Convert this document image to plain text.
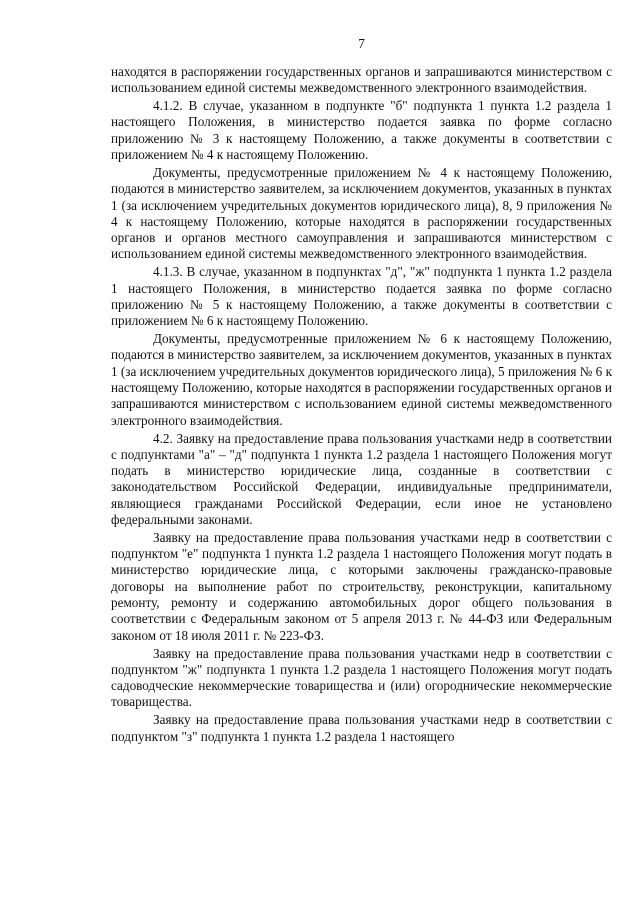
7

находятся в распоряжении государственных органов и запрашиваются министерством с использованием единой системы межведомственного электронного взаимодействия.

4.1.2. В случае, указанном в подпункте "б" подпункта 1 пункта 1.2 раздела 1 настоящего Положения, в министерство подается заявка по форме согласно приложению № 3 к настоящему Положению, а также документы в соответствии с приложением № 4 к настоящему Положению.

Документы, предусмотренные приложением № 4 к настоящему Положению, подаются в министерство заявителем, за исключением документов, указанных в пунктах 1 (за исключением учредительных документов юридического лица), 8, 9 приложения № 4 к настоящему Положению, которые находятся в распоряжении государственных органов и органов местного самоуправления и запрашиваются министерством с использованием единой системы межведомственного электронного взаимодействия.

4.1.3. В случае, указанном в подпунктах "д", "ж" подпункта 1 пункта 1.2 раздела 1 настоящего Положения, в министерство подается заявка по форме согласно приложению № 5 к настоящему Положению, а также документы в соответствии с приложением № 6 к настоящему Положению.

Документы, предусмотренные приложением № 6 к настоящему Положению, подаются в министерство заявителем, за исключением документов, указанных в пунктах 1 (за исключением учредительных документов юридического лица), 5 приложения № 6 к настоящему Положению, которые находятся в распоряжении государственных органов и запрашиваются министерством с использованием единой системы межведомственного электронного взаимодействия.

4.2. Заявку на предоставление права пользования участками недр в соответствии с подпунктами "а" – "д" подпункта 1 пункта 1.2 раздела 1 настоящего Положения могут подать в министерство юридические лица, созданные в соответствии с законодательством Российской Федерации, индивидуальные предприниматели, являющиеся гражданами Российской Федерации, если иное не установлено федеральными законами.

Заявку на предоставление права пользования участками недр в соответствии с подпунктом "е" подпункта 1 пункта 1.2 раздела 1 настоящего Положения могут подать в министерство юридические лица, с которыми заключены гражданско-правовые договоры на выполнение работ по строительству, реконструкции, капитальному ремонту, ремонту и содержанию автомобильных дорог общего пользования в соответствии с Федеральным законом от 5 апреля 2013 г. № 44-ФЗ или Федеральным законом от 18 июля 2011 г. № 223-ФЗ.

Заявку на предоставление права пользования участками недр в соответствии с подпунктом "ж" подпункта 1 пункта 1.2 раздела 1 настоящего Положения могут подать садоводческие некоммерческие товарищества и (или) огороднические некоммерческие товарищества.

Заявку на предоставление права пользования участками недр в соответствии с подпунктом "з" подпункта 1 пункта 1.2 раздела 1 настоящего
